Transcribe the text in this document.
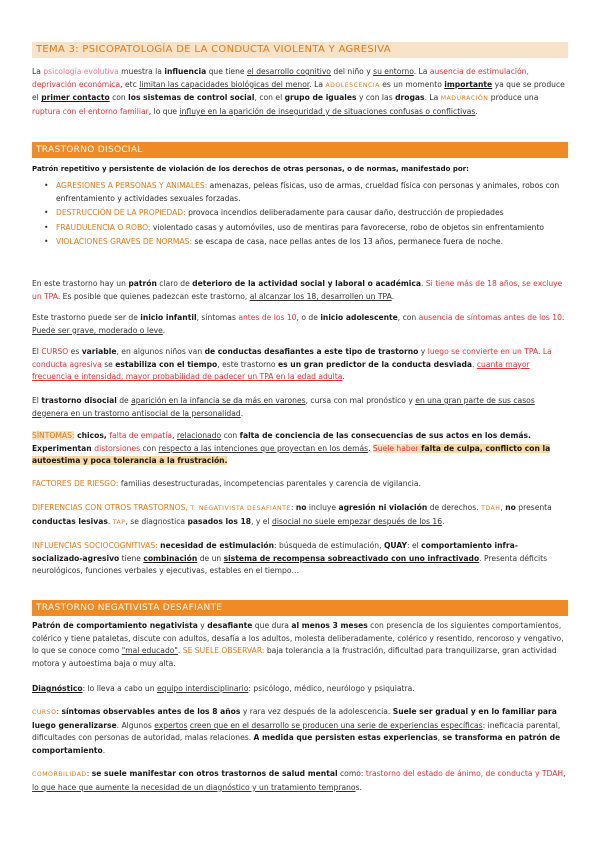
TEMA 3: PSICOPATOLOGÍA DE LA CONDUCTA VIOLENTA Y AGRESIVA
La psicología evolutiva muestra la influencia que tiene el desarrollo cognitivo del niño y su entorno. La ausencia de estimulación, deprivación económica, etc limitan las capacidades biológicas del menor. La ADOLESCENCIA es un momento importante ya que se produce el primer contacto con los sistemas de control social, con el grupo de iguales y con las drogas. La MADURACIÓN produce una ruptura con el entorno familiar, lo que influye en la aparición de inseguridad y de situaciones confusas o conflictivas.
TRASTORNO DISOCIAL
Patrón repetitivo y persistente de violación de los derechos de otras personas, o de normas, manifestado por:
• AGRESIONES A PERSONAS Y ANIMALES: amenazas, peleas físicas, uso de armas, crueldad física con personas y animales, robos con enfrentamiento y actividades sexuales forzadas.
• DESTRUCCIÓN DE LA PROPIEDAD: provoca incendios deliberadamente para causar daño, destrucción de propiedades
• FRAUDULENCIA O ROBO: violentado casas y automóviles, uso de mentiras para favorecerse, robo de objetos sin enfrentamiento
• VIOLACIONES GRAVES DE NORMAS: se escapa de casa, nace pellas antes de los 13 años, permanece fuera de noche.
En este trastorno hay un patrón claro de deterioro de la actividad social y laboral o académica. Si tiene más de 18 años, se excluye un TPA. Es posible que quienes padezcan este trastorno, al alcanzar los 18, desarrollen un TPA.
Este trastorno puede ser de inicio infantil, síntomas antes de los 10, o de inicio adolescente, con ausencia de síntomas antes de los 10. Puede ser grave, moderado o leve.
El CURSO es variable, en algunos niños van de conductas desafiantes a este tipo de trastorno y luego se convierte en un TPA. La conducta agresiva se estabiliza con el tiempo, este trastorno es un gran predictor de la conducta desviada. cuanta mayor frecuencia e intensidad, mayor probabilidad de padecer un TPA en la edad adulta.
El trastorno disocial de aparición en la infancia se da más en varones, cursa con mal pronóstico y en una gran parte de sus casos degenera en un trastorno antisocial de la personalidad.
SÍNTOMAS: chicos, falta de empatía, relacionado con falta de conciencia de las consecuencias de sus actos en los demás. Experimentan distorsiones con respecto a las intenciones que proyectan en los demás. Suele haber falta de culpa, conflicto con la autoestima y poca tolerancia a la frustración.
FACTORES DE RIESGO: familias desestructuradas, incompetencias parentales y carencia de vigilancia.
DIFERENCIAS CON OTROS TRASTORNOS, T. NEGATIVISTA DESAFIANTE: no incluye agresión ni violación de derechos. TDAH, no presenta conductas lesivas. TAP, se diagnostica pasados los 18, y el disocial no suele empezar después de los 16.
INFLUENCIAS SOCIOCOGNITIVAS: necesidad de estimulación: búsqueda de estimulación, QUAY: el comportamiento infra-socializado-agresivo tiene combinación de un sistema de recompensa sobreactivado con uno infractivado. Presenta déficits neurológicos, funciones verbales y ejecutivas, estables en el tiempo…
TRASTORNO NEGATIVISTA DESAFIANTE
Patrón de comportamiento negativista y desafiante que dura al menos 3 meses con presencia de los siguientes comportamientos, colérico y tiene pataletas, discute con adultos, desafía a los adultos, molesta deliberadamente, colérico y resentido, rencoroso y vengativo, lo que se conoce como "mal educado". SE SUELE OBSERVAR: baja tolerancia a la frustración, dificultad para tranquilizarse, gran actividad motora y autoestima baja o muy alta.
Diagnóstico: lo lleva a cabo un equipo interdisciplinario: psicólogo, médico, neurólogo y psiquiatra.
CURSO: síntomas observables antes de los 8 años y rara vez después de la adolescencia. Suele ser gradual y en lo familiar para luego generalizarse. Algunos expertos creen que en el desarrollo se producen una serie de experiencias específicas: ineficacia parental, dificultades con personas de autoridad, malas relaciones. A medida que persisten estas experiencias, se transforma en patrón de comportamiento.
COMORBILIDAD: se suele manifestar con otros trastornos de salud mental como: trastorno del estado de ánimo, de conducta y TDAH, lo que hace que aumente la necesidad de un diagnóstico y un tratamiento tempranos.
